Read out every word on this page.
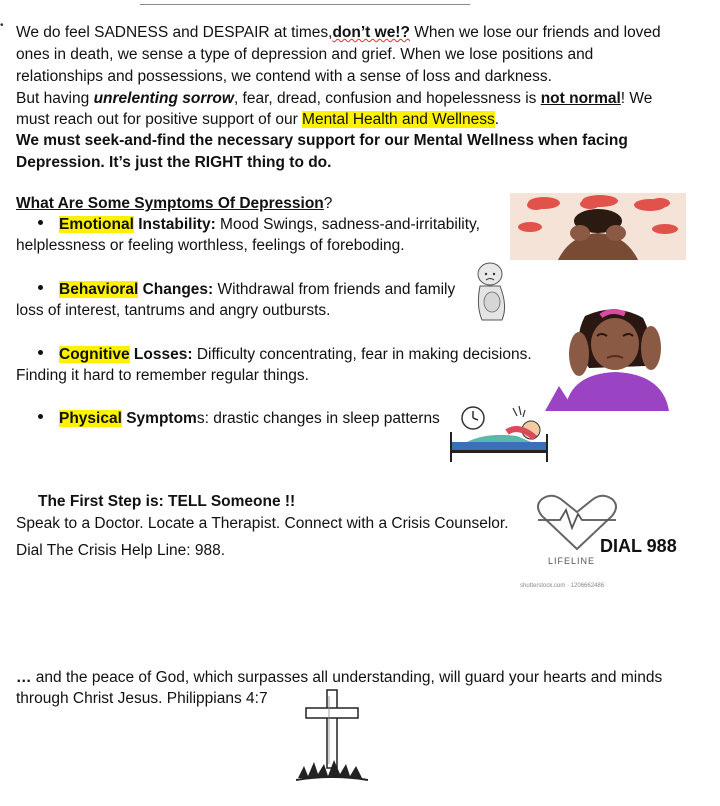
• We do feel SADNESS and DESPAIR at times,don’t we!? When we lose our friends and loved
ones in death, we sense a type of depression and grief. When we lose positions and
relationships and possessions, we contend with a sense of loss and darkness.
But having unrelenting sorrow, fear, dread, confusion and hopelessness is not normal! We
must reach out for positive support of our Mental Health and Wellness.
We must seek-and-find the necessary support for our Mental Wellness when facing
Depression. It’s just the RIGHT thing to do.
What Are Some Symptoms Of Depression?
Emotional Instability: Mood Swings, sadness-and-irritability,
helplessness or feeling worthless, feelings of foreboding.
Behavioral Changes: Withdrawal from friends and family
loss of interest, tantrums and angry outbursts.
Cognitive Losses: Difficulty concentrating, fear in making decisions.
Finding it hard to remember regular things.
Physical Symptoms: drastic changes in sleep patterns
The First Step is: TELL Someone !!
Speak to a Doctor. Locate a Therapist. Connect with a Crisis Counselor.
Dial The Crisis Help Line: 988.
… and the peace of God, which surpasses all understanding, will guard your hearts and minds
through Christ Jesus. Philippians 4:7
DIAL 988
LIFELINE
shutterstock.com · 1206662486
